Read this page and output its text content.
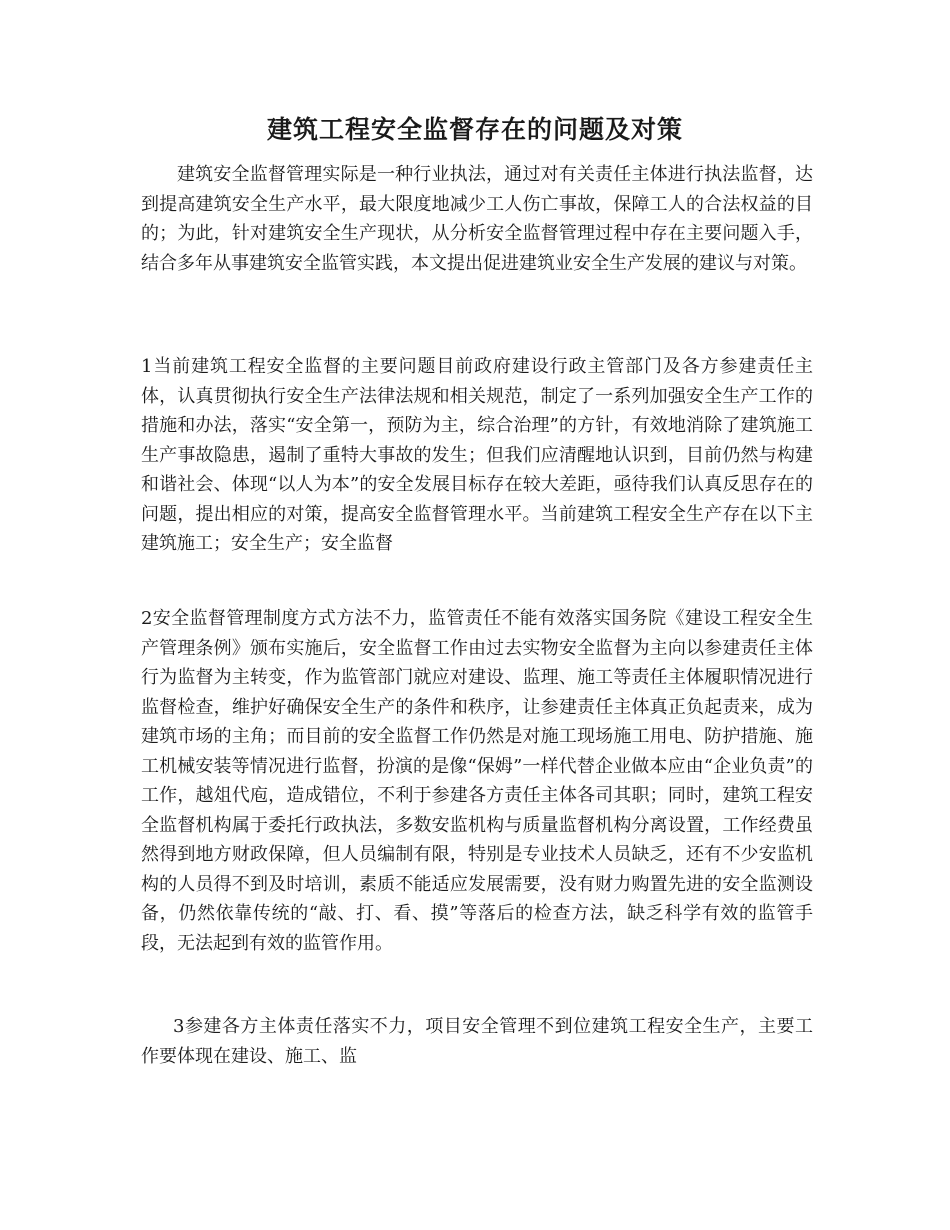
建筑工程安全监督存在的问题及对策

建筑安全监督管理实际是一种行业执法，通过对有关责任主体进行执法监督，达到提高建筑安全生产水平，最大限度地减少工人伤亡事故，保障工人的合法权益的目的；为此，针对建筑安全生产现状，从分析安全监督管理过程中存在主要问题入手，结合多年从事建筑安全监管实践，本文提出促进建筑业安全生产发展的建议与对策。

1当前建筑工程安全监督的主要问题目前政府建设行政主管部门及各方参建责任主体，认真贯彻执行安全生产法律法规和相关规范，制定了一系列加强安全生产工作的措施和办法，落实“安全第一，预防为主，综合治理”的方针，有效地消除了建筑施工生产事故隐患，遏制了重特大事故的发生；但我们应清醒地认识到，目前仍然与构建和谐社会、体现“以人为本”的安全发展目标存在较大差距，亟待我们认真反思存在的问题，提出相应的对策，提高安全监督管理水平。当前建筑工程安全生产存在以下主建筑施工；安全生产；安全监督

2安全监督管理制度方式方法不力，监管责任不能有效落实国务院《建设工程安全生产管理条例》颁布实施后，安全监督工作由过去实物安全监督为主向以参建责任主体行为监督为主转变，作为监管部门就应对建设、监理、施工等责任主体履职情况进行监督检查，维护好确保安全生产的条件和秩序，让参建责任主体真正负起责来，成为建筑市场的主角；而目前的安全监督工作仍然是对施工现场施工用电、防护措施、施工机械安装等情况进行监督，扮演的是像“保姆”一样代替企业做本应由“企业负责”的工作，越俎代庖，造成错位，不利于参建各方责任主体各司其职；同时，建筑工程安全监督机构属于委托行政执法，多数安监机构与质量监督机构分离设置，工作经费虽然得到地方财政保障，但人员编制有限，特别是专业技术人员缺乏，还有不少安监机构的人员得不到及时培训，素质不能适应发展需要，没有财力购置先进的安全监测设备，仍然依靠传统的“敲、打、看、摸”等落后的检查方法，缺乏科学有效的监管手段，无法起到有效的监管作用。

3参建各方主体责任落实不力，项目安全管理不到位建筑工程安全生产，主要工作要体现在建设、施工、监
